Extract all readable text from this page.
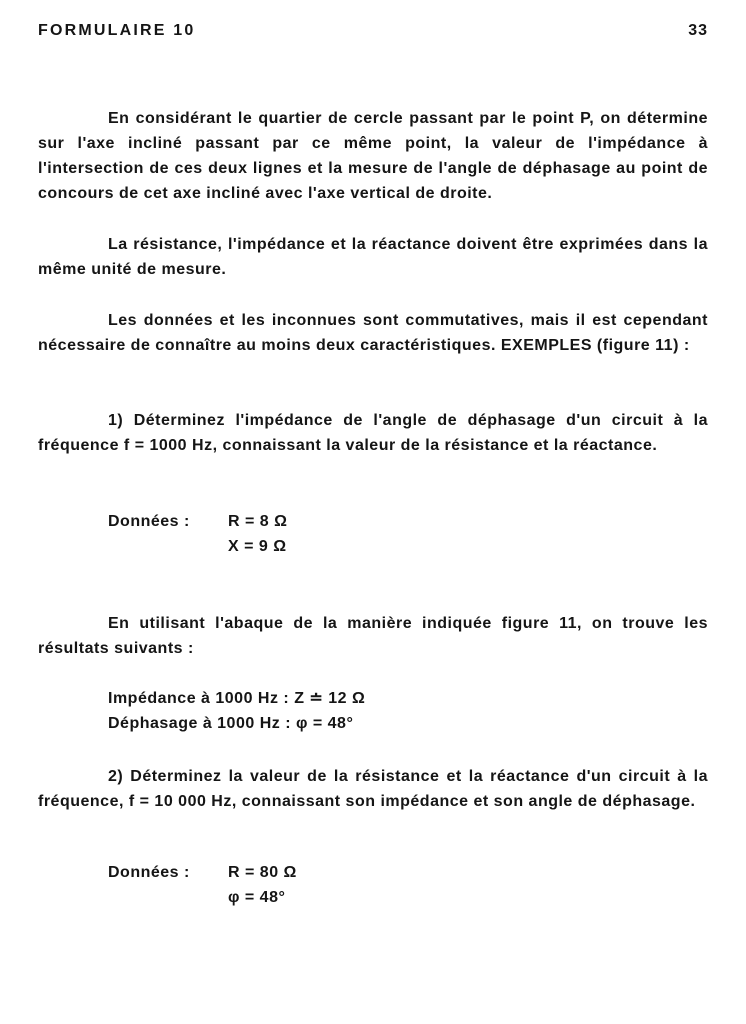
FORMULAIRE 10	33

En considérant le quartier de cercle passant par le point P, on détermine sur l'axe incliné passant par ce même point, la valeur de l'impédance à l'intersection de ces deux lignes et la mesure de l'angle de déphasage au point de concours de cet axe incliné avec l'axe vertical de droite.

La résistance, l'impédance et la réactance doivent être exprimées dans la même unité de mesure.

Les données et les inconnues sont commutatives, mais il est cependant nécessaire de connaître au moins deux caractéristiques. EXEMPLES (figure 11) :

1) Déterminez l'impédance de l'angle de déphasage d'un circuit à la fréquence f = 1000 Hz, connaissant la valeur de la résistance et la réactance.

En utilisant l'abaque de la manière indiquée figure 11, on trouve les résultats suivants :

2) Déterminez la valeur de la résistance et la réactance d'un circuit à la fréquence, f = 10 000 Hz, connaissant son impédance et son angle de déphasage.

Données :	R = 8 Ω
X = 9 Ω
Impédance à 1000 Hz : Z ≐ 12 Ω
Déphasage à 1000 Hz : φ = 48°
Données :	R = 80 Ω
φ = 48°
